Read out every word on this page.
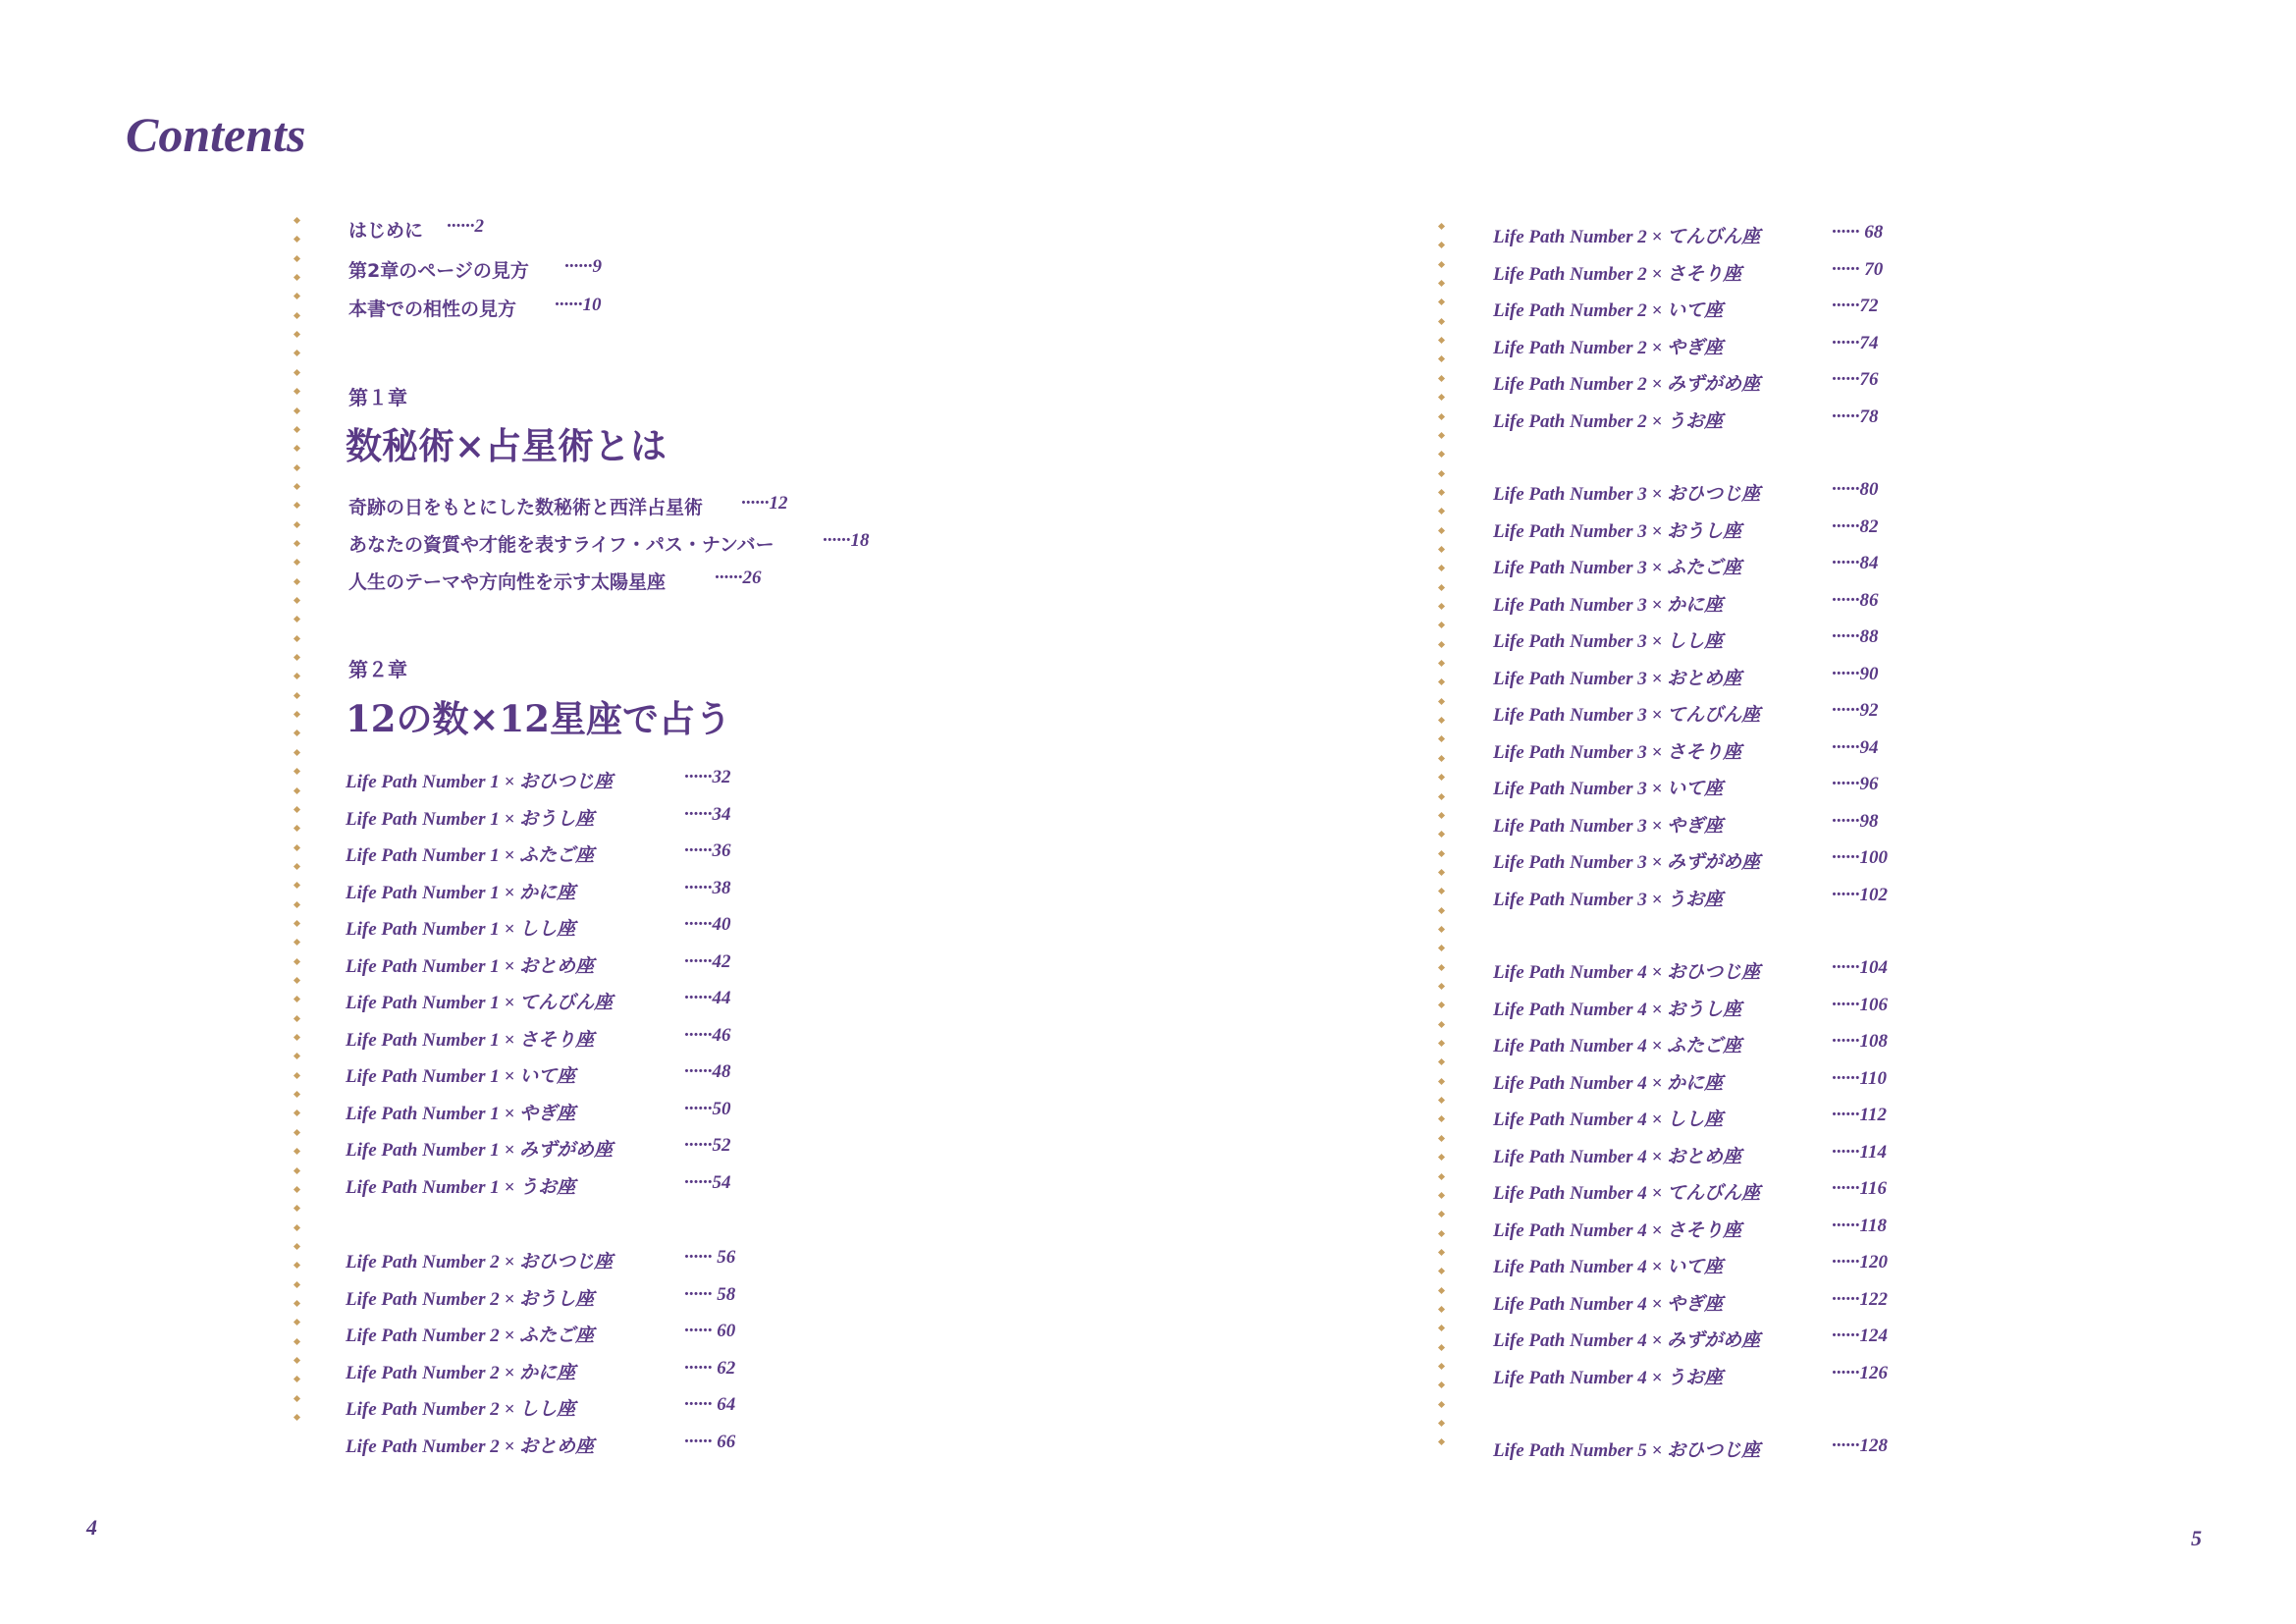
Contents
4	5
はじめに ······2
第2章のページの見方 ······9
本書での相性の見方 ······10
第１章
数秘術×占星術とは
奇跡の日をもとにした数秘術と西洋占星術 ······12
あなたの資質や才能を表すライフ・パス・ナンバー	······18
人生のテーマや方向性を示す太陽星座	······26
第２章
12の数×12星座で占う
Life Path Number 1 × おひつじ座	······32
Life Path Number 1 × おうし座	······34
Life Path Number 1 × ふたご座	······36
Life Path Number 1 × かに座	······38
Life Path Number 1 × しし座	······40
Life Path Number 1 × おとめ座	······42
Life Path Number 1 × てんびん座	······44
Life Path Number 1 × さそり座	······46
Life Path Number 1 × いて座	······48
Life Path Number 1 × やぎ座	······50
Life Path Number 1 × みずがめ座	······52
Life Path Number 1 × うお座	······54
Life Path Number 2 × おひつじ座	······ 56
Life Path Number 2 × おうし座	······ 58
Life Path Number 2 × ふたご座	······ 60
Life Path Number 2 × かに座	······ 62
Life Path Number 2 × しし座	······ 64
Life Path Number 2 × おとめ座	······ 66
Life Path Number 2 × てんびん座	······ 68
Life Path Number 2 × さそり座	······ 70
Life Path Number 2 × いて座	······72
Life Path Number 2 × やぎ座	······74
Life Path Number 2 × みずがめ座	······76
Life Path Number 2 × うお座	······78
Life Path Number 3 × おひつじ座	······80
Life Path Number 3 × おうし座	······82
Life Path Number 3 × ふたご座	······84
Life Path Number 3 × かに座	······86
Life Path Number 3 × しし座	······88
Life Path Number 3 × おとめ座	······90
Life Path Number 3 × てんびん座	······92
Life Path Number 3 × さそり座	······94
Life Path Number 3 × いて座	······96
Life Path Number 3 × やぎ座	······98
Life Path Number 3 × みずがめ座	······100
Life Path Number 3 × うお座	······102
Life Path Number 4 × おひつじ座	······104
Life Path Number 4 × おうし座	······106
Life Path Number 4 × ふたご座	······108
Life Path Number 4 × かに座	······110
Life Path Number 4 × しし座	······112
Life Path Number 4 × おとめ座	······114
Life Path Number 4 × てんびん座	······116
Life Path Number 4 × さそり座	······118
Life Path Number 4 × いて座	······120
Life Path Number 4 × やぎ座	······122
Life Path Number 4 × みずがめ座	······124
Life Path Number 4 × うお座	······126
Life Path Number 5 × おひつじ座	······128
